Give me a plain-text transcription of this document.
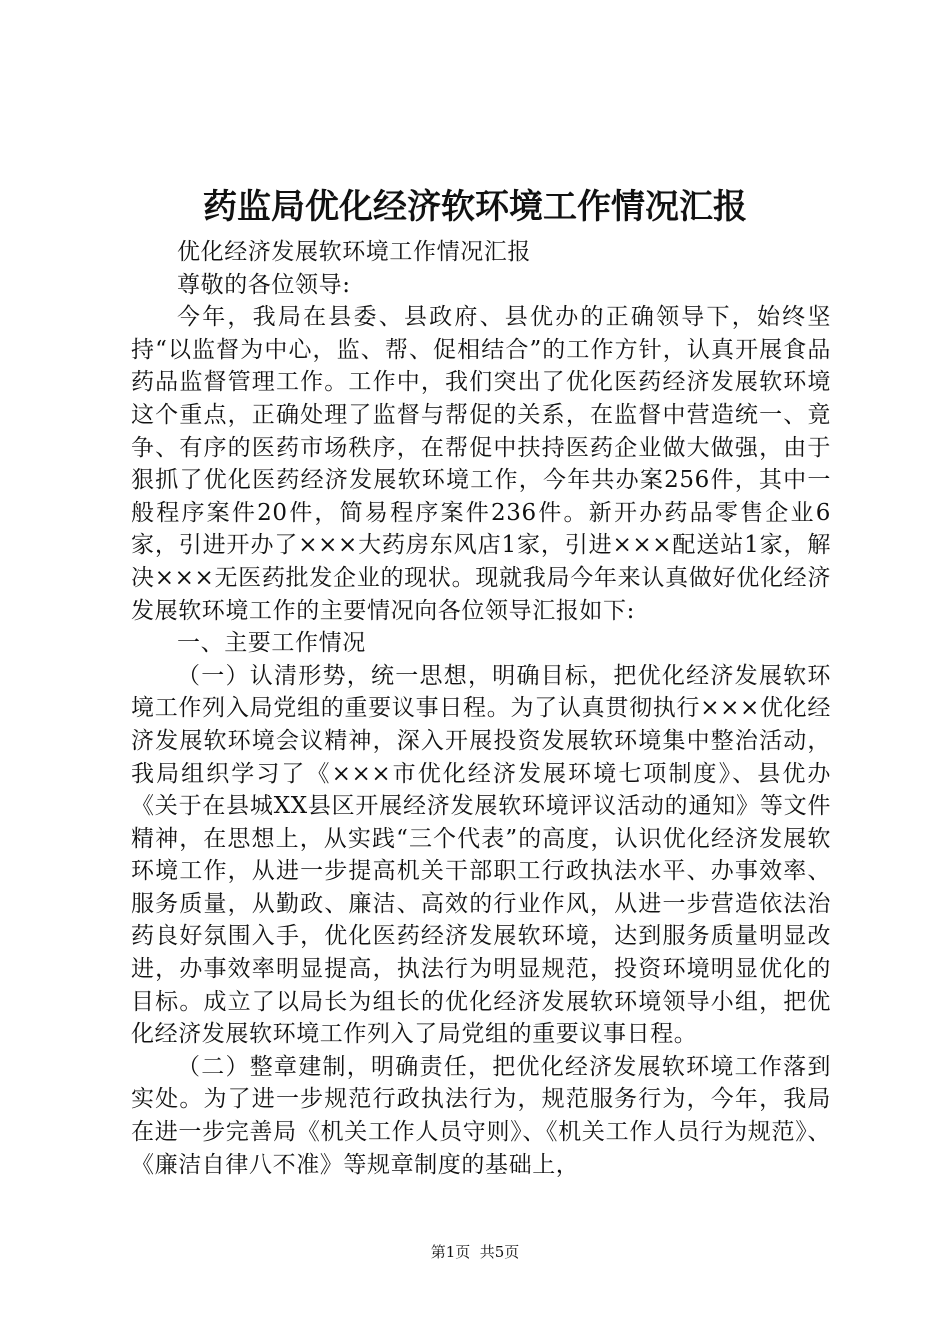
药监局优化经济软环境工作情况汇报

优化经济发展软环境工作情况汇报

尊敬的各位领导:

今年，我局在县委、县政府、县优办的正确领导下，始终坚持“以监督为中心，监、帮、促相结合”的工作方针，认真开展食品药品监督管理工作。工作中，我们突出了优化医药经济发展软环境这个重点，正确处理了监督与帮促的关系，在监督中营造统一、竟争、有序的医药市场秩序，在帮促中扶持医药企业做大做强，由于狠抓了优化医药经济发展软环境工作，今年共办案256件，其中一般程序案件20件，简易程序案件236件。新开办药品零售企业6家，引进开办了×××大药房东风店1家，引进×××配送站1家，解决×××无医药批发企业的现状。现就我局今年来认真做好优化经济发展软环境工作的主要情况向各位领导汇报如下:

一、主要工作情况

（一）认清形势，统一思想，明确目标，把优化经济发展软环境工作列入局党组的重要议事日程。为了认真贯彻执行×××优化经济发展软环境会议精神，深入开展投资发展软环境集中整治活动，我局组织学习了《×××市优化经济发展环境七项制度》、县优办《关于在县城XX县区开展经济发展软环境评议活动的通知》等文件精神，在思想上，从实践“三个代表”的高度，认识优化经济发展软环境工作，从进一步提高机关干部职工行政执法水平、办事效率、服务质量，从勤政、廉洁、高效的行业作风，从进一步营造依法治药良好氛围入手，优化医药经济发展软环境，达到服务质量明显改进，办事效率明显提高，执法行为明显规范，投资环境明显优化的目标。成立了以局长为组长的优化经济发展软环境领导小组，把优化经济发展软环境工作列入了局党组的重要议事日程。

（二）整章建制，明确责任，把优化经济发展软环境工作落到实处。为了进一步规范行政执法行为，规范服务行为，今年，我局在进一步完善局《机关工作人员守则》、《机关工作人员行为规范》、《廉洁自律八不准》等规章制度的基础上，

第1页  共5页
